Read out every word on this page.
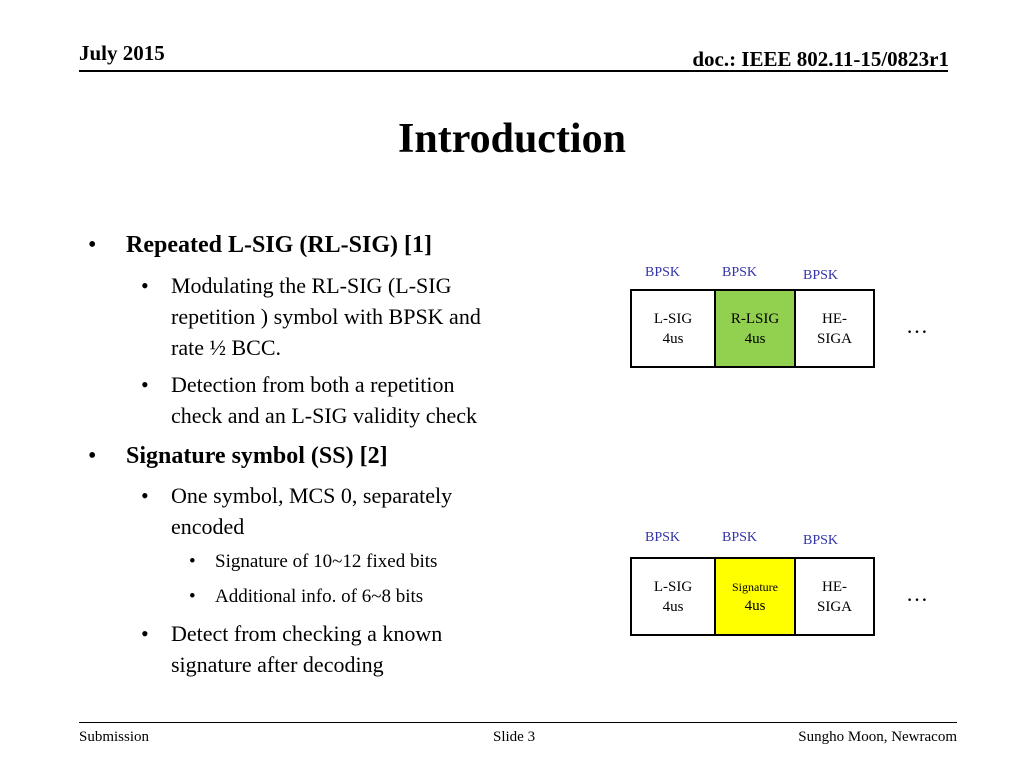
July 2015	doc.: IEEE 802.11-15/0823r1
Introduction
• Repeated L-SIG (RL-SIG) [1]
• Modulating the RL-SIG (L-SIG
repetition ) symbol with BPSK and
rate ½ BCC.
• Detection from both a repetition
check and an L-SIG validity check
• Signature symbol (SS) [2]
• One symbol, MCS 0, separately
encoded
• Signature of 10~12 fixed bits
• Additional info. of 6~8 bits
• Detect from checking a known
signature after decoding
BPSK	BPSK	BPSK
L-SIG
4us
R-LSIG
4us
HE-
SIGA
…
BPSK	BPSK	BPSK
L-SIG
4us
Signature
4us
HE-
SIGA
…
Submission	Slide 3	Sungho Moon, Newracom
